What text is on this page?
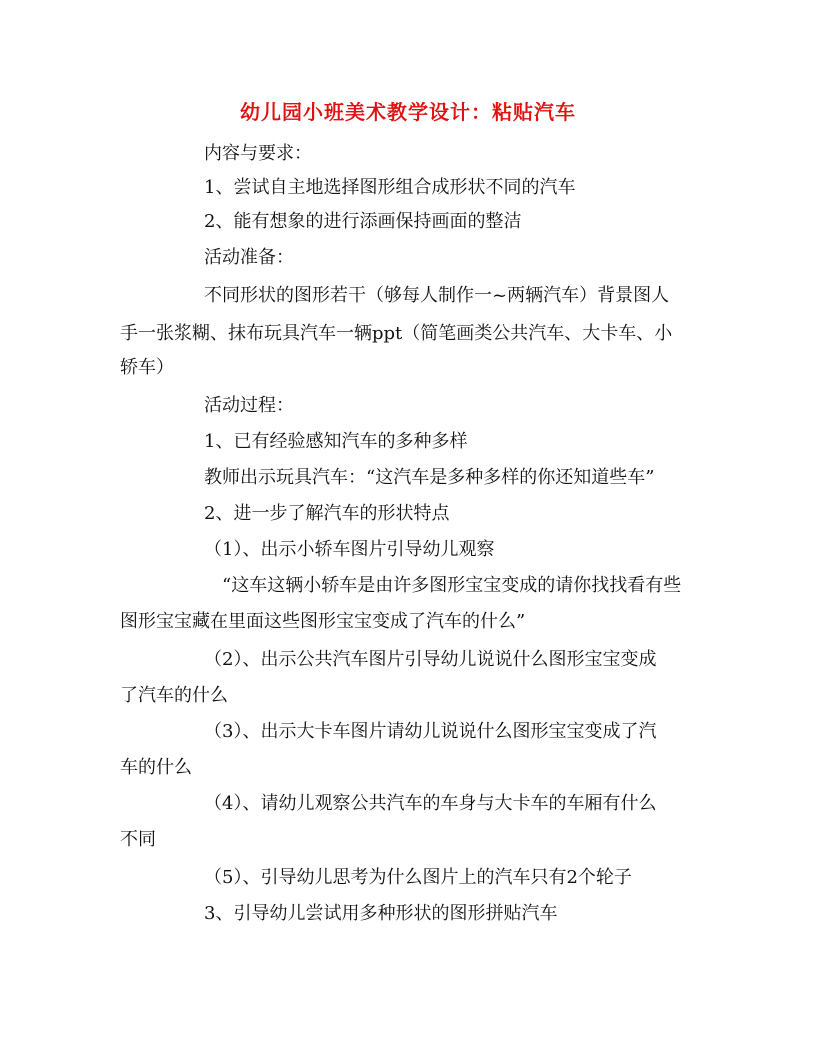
幼儿园小班美术教学设计：粘贴汽车
内容与要求：
1、尝试自主地选择图形组合成形状不同的汽车
2、能有想象的进行添画保持画面的整洁
活动准备：
不同形状的图形若干（够每人制作一~两辆汽车）背景图人
手一张浆糊、抹布玩具汽车一辆ppt（简笔画类公共汽车、大卡车、小
轿车）
活动过程：
1、已有经验感知汽车的多种多样
教师出示玩具汽车：“这汽车是多种多样的你还知道些车”
2、进一步了解汽车的形状特点
（1）、出示小轿车图片引导幼儿观察
“这车这辆小轿车是由许多图形宝宝变成的请你找找看有些
图形宝宝藏在里面这些图形宝宝变成了汽车的什么”
（2）、出示公共汽车图片引导幼儿说说什么图形宝宝变成
了汽车的什么
（3）、出示大卡车图片请幼儿说说什么图形宝宝变成了汽
车的什么
（4）、请幼儿观察公共汽车的车身与大卡车的车厢有什么
不同
（5）、引导幼儿思考为什么图片上的汽车只有2个轮子
3、引导幼儿尝试用多种形状的图形拼贴汽车
